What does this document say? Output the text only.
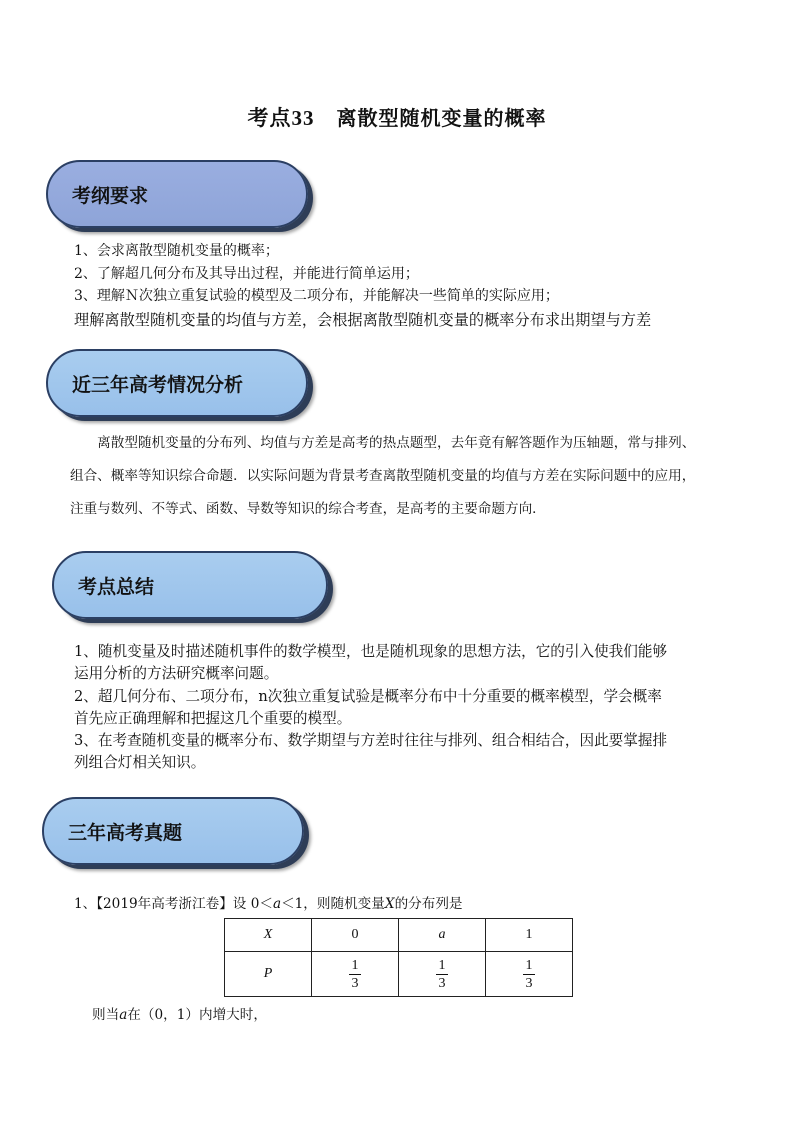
考点33 离散型随机变量的概率
考纲要求
1、会求离散型随机变量的概率；
2、了解超几何分布及其导出过程，并能进行简单运用；
3、理解Ｎ次独立重复试验的模型及二项分布，并能解决一些简单的实际应用；
理解离散型随机变量的均值与方差，会根据离散型随机变量的概率分布求出期望与方差
近三年高考情况分析
　　离散型随机变量的分布列、均值与方差是高考的热点题型，去年竟有解答题作为压轴题，常与排列、
组合、概率等知识综合命题．以实际问题为背景考查离散型随机变量的均值与方差在实际问题中的应用，
注重与数列、不等式、函数、导数等知识的综合考查，是高考的主要命题方向．
考点总结
1、随机变量及时描述随机事件的数学模型，也是随机现象的思想方法，它的引入使我们能够
运用分析的方法研究概率问题。
2、超几何分布、二项分布，n次独立重复试验是概率分布中十分重要的概率模型，学会概率
首先应正确理解和把握这几个重要的模型。
3、在考查随机变量的概率分布、数学期望与方差时往往与排列、组合相结合，因此要掌握排
列组合灯相关知识。
三年高考真题
1、【2019年高考浙江卷】设 0＜a＜1，则随机变量X的分布列是
X	0	a	1
P	$\frac{1}{3}$	$\frac{1}{3}$	$\frac{1}{3}$
则当a在（0，1）内增大时，
